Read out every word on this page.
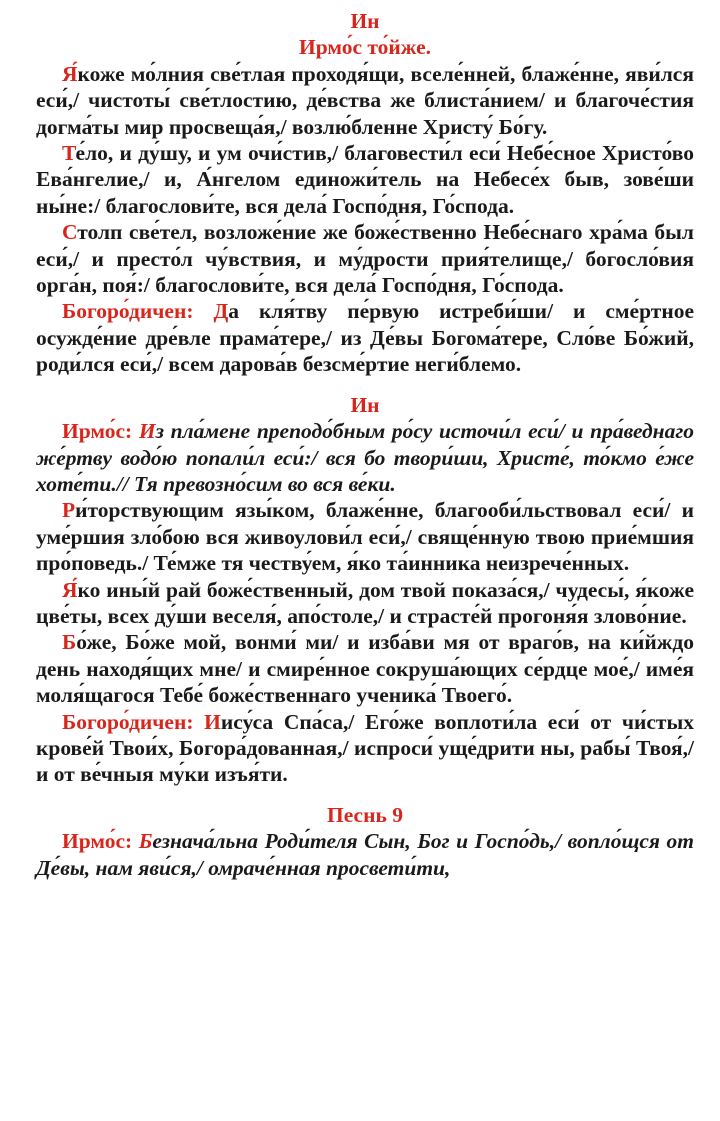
Ин

Ирмо́с то́йже.

Я́коже мо́лния све́тлая проходя́щи, вселе́нней, блаже́нне, яви́лся еси́,/ чистоты́ све́тлостию, де́вства же блиста́нием/ и благоче́стия догма́ты мир просвеща́я,/ возлю́бленне Христу́ Бо́гу.

Те́ло, и ду́шу, и ум очи́стив,/ благовести́л еси́ Небе́сное Христо́во Ева́нгелие,/ и, А́нгелом единожи́тель на Небесе́х быв, зове́ши ны́не:/ благослови́те, вся дела́ Госпо́дня, Го́спода.

Столп све́тел, возложе́ние же боже́ственно Небе́снаго хра́ма был еси́,/ и престо́л чу́вствия, и му́дрости прия́телище,/ богосло́вия орга́н, поя́:/ благослови́те, вся дела́ Госпо́дня, Го́спода.

Богоро́дичен: Да кля́тву пе́рвую истреби́ши/ и сме́ртное осужде́ние дре́вле прама́тере,/ из Де́вы Богома́тере, Сло́ве Бо́жий, роди́лся еси́,/ всем дарова́в безсме́ртие неги́блемо.

Ин

Ирмо́с: Из пла́мене преподо́бным ро́су источи́л еси́/ и пра́веднаго же́ртву водо́ю попали́л еси́:/ вся бо твори́ши, Христе́, то́кмо е́же хоте́ти.// Тя превозно́сим во вся ве́ки.

Ри́торствующим язы́ком, блаже́нне, благооби́льствовал еси́/ и уме́ршия зло́бою вся живоулови́л еси́,/ свяще́нную твою прие́мшия про́поведь./ Те́мже тя честву́ем, я́ко та́инника неизрече́нных.

Я́ко ины́й рай боже́ственный, дом твой показа́ся,/ чудесы́, я́коже цве́ты, всех ду́ши веселя́, апо́столе,/ и страсте́й прогоня́я злово́ние.

Бо́же, Бо́же мой, вонми́ ми/ и изба́ви мя от враго́в, на ки́йждо день находя́щих мне/ и смире́нное сокруша́ющих се́рдце мое́,/ име́я моля́щагося Тебе́ боже́ственнаго ученика́ Твоего́.

Богоро́дичен: Иису́са Спа́са,/ Его́же воплоти́ла еси́ от чи́стых крове́й Твои́х, Богора́дованная,/ испроси́ уще́дрити ны, рабы́ Твоя́,/ и от ве́чныя му́ки изъя́ти.

Песнь 9

Ирмо́с: Безнача́льна Роди́теля Сын, Бог и Госпо́дь,/ вопло́щся от Де́вы, нам яви́ся,/ омраче́нная просвети́ти,
